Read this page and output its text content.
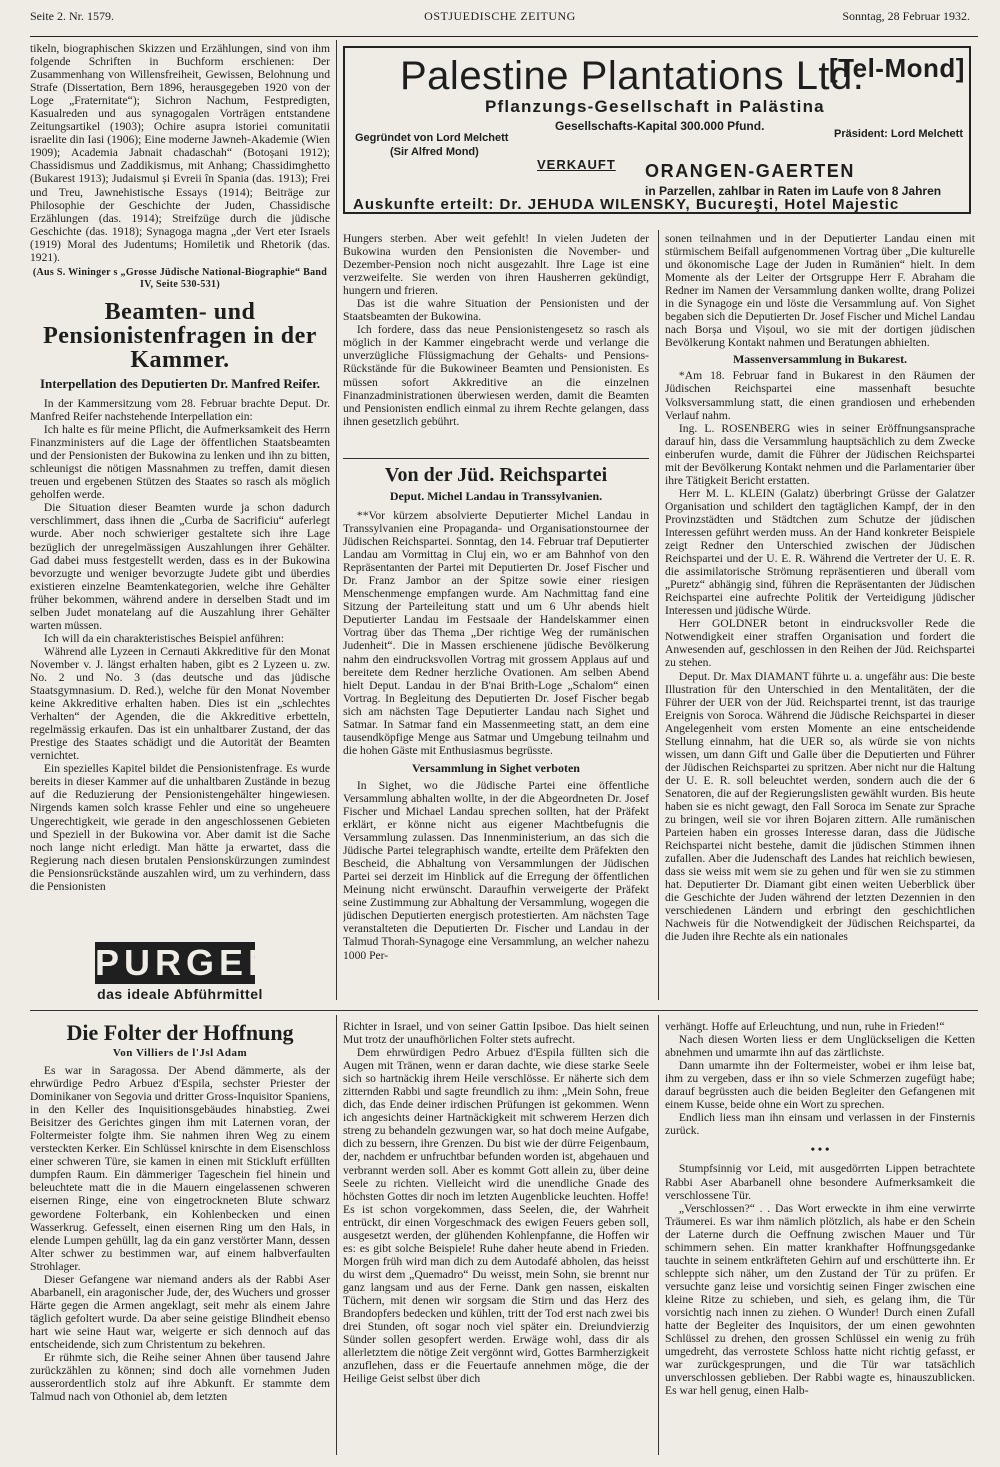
Seite 2. Nr. 1579.	OSTJUEDISCHE ZEITUNG	Sonntag, 28 Februar 1932.
Palestine Plantations Ltd.
[Tel-Mond]
Pflanzungs-Gesellschaft in Palästina
Gesellschafts-Kapital 300.000 Pfund.
Präsident: Lord Melchett
Gegründet von Lord Melchett
(Sir Alfred Mond)
VERKAUFT ORANGEN-GAERTEN
in Parzellen, zahlbar in Raten im Laufe von 8 Jahren
Auskunfte erteilt: Dr. JEHUDA WILENSKY, Bucureşti, Hotel Majestic

tikeln, biographischen Skizzen und Erzählungen, sind von ihm folgende Schriften in Buchform erschienen: Der Zusammenhang von Willensfreiheit, Gewissen, Belohnung und Strafe (Dissertation, Bern 1896, herausgegeben 1920 von der Loge „Fraternitate“); Sichron Nachum, Festpredigten, Kasualreden und aus synagogalen Vorträgen entstandene Zeitungsartikel (1903); Ochire asupra istoriei comunitatii israelite din Iasi (1906); Eine moderne Jawneh-Akademie (Wien 1909); Academia Jabnait chadaschah“ (Botoșani 1912); Chassidismus und Zaddikismus, mit Anhang; Chassidimghetto (Bukarest 1913); Judaismul și Evreii în Spania (das. 1913); Frei und Treu, Jawnehistische Essays (1914); Beiträge zur Philosophie der Geschichte der Juden, Chassidische Erzählungen (das. 1914); Streifzüge durch die jüdische Geschichte (das. 1918); Synagoga magna „der Vert eter Israels (1919) Moral des Judentums; Homiletik und Rhetorik (das. 1921).

(Aus S. Wininger s „Grosse Jüdische National-Biographie“ Band IV, Seite 530-531)

Beamten- und Pensionistenfragen in der Kammer.
Interpellation des Deputierten Dr. Manfred Reifer.

In der Kammersitzung vom 28. Februar brachte Deput. Dr. Manfred Reifer nachstehende Interpellation ein:

Ich halte es für meine Pflicht, die Aufmerksamkeit des Herrn Finanzministers auf die Lage der öffentlichen Staatsbeamten und der Pensionisten der Bukowina zu lenken und ihn zu bitten, schleunigst die nötigen Massnahmen zu treffen, damit diesen treuen und ergebenen Stützen des Staates so rasch als möglich geholfen werde.

Die Situation dieser Beamten wurde ja schon dadurch verschlimmert, dass ihnen die „Curba de Sacrificiu“ auferlegt wurde. Aber noch schwieriger gestaltete sich ihre Lage bezüglich der unregelmässigen Auszahlungen ihrer Gehälter. Gad dabei muss festgestellt werden, dass es in der Bukowina bevorzugte und weniger bevorzugte Judete gibt und überdies existieren einzelne Beamtenkategorien, welche ihre Gehälter früher bekommen, während andere in derselben Stadt und im selben Judet monatelang auf die Auszahlung ihrer Gehälter warten müssen.

Ich will da ein charakteristisches Beispiel anführen:

Während alle Lyzeen in Cernauti Akkreditive für den Monat November v. J. längst erhalten haben, gibt es 2 Lyzeen u. zw. No. 2 und No. 3 (das deutsche und das jüdische Staatsgymnasium. D. Red.), welche für den Monat November keine Akkreditive erhalten haben. Dies ist ein „schlechtes Verhalten“ der Agenden, die die Akkreditive erbetteln, regelmässig erkaufen. Das ist ein unhaltbarer Zustand, der das Prestige des Staates schädigt und die Autorität der Beamten vernichtet.

Ein spezielles Kapitel bildet die Pensionistenfrage. Es wurde bereits in dieser Kammer auf die unhaltbaren Zustände in bezug auf die Reduzierung der Pensionistengehälter hingewiesen. Nirgends kamen solch krasse Fehler und eine so ungeheuere Ungerechtigkeit, wie gerade in den angeschlossenen Gebieten und Speziell in der Bukowina vor. Aber damit ist die Sache noch lange nicht erledigt. Man hätte ja erwartet, dass die Regierung nach diesen brutalen Pensionskürzungen zumindest die Pensionsrückstände auszahlen wird, um zu verhindern, dass die Pensionisten

PURGEN
das ideale Abführmittel

Hungers sterben. Aber weit gefehlt! In vielen Judeten der Bukowina wurden den Pensionisten die November- und Dezember-Pension noch nicht ausgezahlt. Ihre Lage ist eine verzweifelte. Sie werden von ihren Hausherren gekündigt, hungern und frieren.

Das ist die wahre Situation der Pensionisten und der Staatsbeamten der Bukowina.

Ich fordere, dass das neue Pensionistengesetz so rasch als möglich in der Kammer eingebracht werde und verlange die unverzügliche Flüssigmachung der Gehalts- und Pensions-Rückstände für die Bukowineer Beamten und Pensionisten. Es müssen sofort Akkreditive an die einzelnen Finanzadministrationen überwiesen werden, damit die Beamten und Pensionisten endlich einmal zu ihrem Rechte gelangen, dass ihnen gesetzlich gebührt.

Von der Jüd. Reichspartei
Deput. Michel Landau in Transsylvanien.

**Vor kürzem absolvierte Deputierter Michel Landau in Transsylvanien eine Propaganda- und Organisationstournee der Jüdischen Reichspartei. Sonntag, den 14. Februar traf Deputierter Landau am Vormittag in Cluj ein, wo er am Bahnhof von den Repräsentanten der Partei mit Deputierten Dr. Josef Fischer und Dr. Franz Jambor an der Spitze sowie einer riesigen Menschenmenge empfangen wurde. Am Nachmittag fand eine Sitzung der Parteileitung statt und um 6 Uhr abends hielt Deputierter Landau im Festsaale der Handelskammer einen Vortrag über das Thema „Der richtige Weg der rumänischen Judenheit“. Die in Massen erschienene jüdische Bevölkerung nahm den eindrucksvollen Vortrag mit grossem Applaus auf und bereitete dem Redner herzliche Ovationen. Am selben Abend hielt Deput. Landau in der B'nai Brith-Loge „Schalom“ einen Vortrag. In Begleitung des Deputierten Dr. Josef Fischer begab sich am nächsten Tage Deputierter Landau nach Sighet und Satmar. In Satmar fand ein Massenmeeting statt, an dem eine tausendköpfige Menge aus Satmar und Umgebung teilnahm und die hohen Gäste mit Enthusiasmus begrüsste.

Versammlung in Sighet verboten

In Sighet, wo die Jüdische Partei eine öffentliche Versammlung abhalten wollte, in der die Abgeordneten Dr. Josef Fischer und Michael Landau sprechen sollten, hat der Präfekt erklärt, er könne nicht aus eigener Machtbefugnis die Versammlung zulassen. Das Innenministerium, an das sich die Jüdische Partei telegraphisch wandte, erteilte dem Präfekten den Bescheid, die Abhaltung von Versammlungen der Jüdischen Partei sei derzeit im Hinblick auf die Erregung der öffentlichen Meinung nicht erwünscht. Daraufhin verweigerte der Präfekt seine Zustimmung zur Abhaltung der Versammlung, wogegen die jüdischen Deputierten energisch protestierten. Am nächsten Tage veranstalteten die Deputierten Dr. Fischer und Landau in der Talmud Thorah-Synagoge eine Versammlung, an welcher nahezu 1000 Per-

sonen teilnahmen und in der Deputierter Landau einen mit stürmischem Beifall aufgenommenen Vortrag über „Die kulturelle und ökonomische Lage der Juden in Rumänien“ hielt. In dem Momente als der Leiter der Ortsgruppe Herr F. Abraham die Redner im Namen der Versammlung danken wollte, drang Polizei in die Synagoge ein und löste die Versammlung auf. Von Sighet begaben sich die Deputierten Dr. Josef Fischer und Michel Landau nach Borșa und Vișoul, wo sie mit der dortigen jüdischen Bevölkerung Kontakt nahmen und Beratungen abhielten.

Massenversammlung in Bukarest.

*Am 18. Februar fand in Bukarest in den Räumen der Jüdischen Reichspartei eine massenhaft besuchte Volksversammlung statt, die einen grandiosen und erhebenden Verlauf nahm.

Ing. L. ROSENBERG wies in seiner Eröffnungsansprache darauf hin, dass die Versammlung hauptsächlich zu dem Zwecke einberufen wurde, damit die Führer der Jüdischen Reichspartei mit der Bevölkerung Kontakt nehmen und die Parlamentarier über ihre Tätigkeit Bericht erstatten.

Herr M. L. KLEIN (Galatz) überbringt Grüsse der Galatzer Organisation und schildert den tagtäglichen Kampf, der in den Provinzstädten und Städtchen zum Schutze der jüdischen Interessen geführt werden muss. An der Hand konkreter Beispiele zeigt Redner den Unterschied zwischen der Jüdischen Reichspartei und der U. E. R. Während die Vertreter der U. E. R. die assimilatorische Strömung repräsentieren und überall vom „Puretz“ abhängig sind, führen die Repräsentanten der Jüdischen Reichspartei eine aufrechte Politik der Verteidigung jüdischer Interessen und jüdische Würde.

Herr GOLDNER betont in eindrucksvoller Rede die Notwendigkeit einer straffen Organisation und fordert die Anwesenden auf, geschlossen in den Reihen der Jüd. Reichspartei zu stehen.

Deput. Dr. Max DIAMANT führte u. a. ungefähr aus: Die beste Illustration für den Unterschied in den Mentalitäten, der die Führer der UER von der Jüd. Reichspartei trennt, ist das traurige Ereignis von Soroca. Während die Jüdische Reichspartei in dieser Angelegenheit vom ersten Momente an eine entscheidende Stellung einnahm, hat die UER so, als würde sie von nichts wissen, um dann Gift und Galle über die Deputierten und Führer der Jüdischen Reichspartei zu spritzen. Aber nicht nur die Haltung der U. E. R. soll beleuchtet werden, sondern auch die der 6 Senatoren, die auf der Regierungslisten gewählt wurden. Bis heute haben sie es nicht gewagt, den Fall Soroca im Senate zur Sprache zu bringen, weil sie vor ihren Bojaren zittern. Alle rumänischen Parteien haben ein grosses Interesse daran, dass die Jüdische Reichspartei nicht bestehe, damit die jüdischen Stimmen ihnen zufallen. Aber die Judenschaft des Landes hat reichlich bewiesen, dass sie weiss mit wem sie zu gehen und für wen sie zu stimmen hat. Deputierter Dr. Diamant gibt einen weiten Ueberblick über die Geschichte der Juden während der letzten Dezennien in den verschiedenen Ländern und erbringt den geschichtlichen Nachweis für die Notwendigkeit der Jüdischen Reichspartei, da die Juden ihre Rechte als ein nationales

Die Folter der Hoffnung
Von Villiers de l'Jsl Adam

Es war in Saragossa. Der Abend dämmerte, als der ehrwürdige Pedro Arbuez d'Espila, sechster Priester der Dominikaner von Segovia und dritter Gross-Inquisitor Spaniens, in den Keller des Inquisitionsgebäudes hinabstieg. Zwei Beisitzer des Gerichtes gingen ihm mit Laternen voran, der Foltermeister folgte ihm. Sie nahmen ihren Weg zu einem versteckten Kerker. Ein Schlüssel knirschte in dem Eisenschloss einer schweren Türe, sie kamen in einen mit Stickluft erfüllten dumpfen Raum. Ein dämmeriger Tageschein fiel hinein und beleuchtete matt die in die Mauern eingelassenen schweren eisernen Ringe, eine von eingetrockneten Blute schwarz gewordene Folterbank, ein Kohlenbecken und einen Wasserkrug. Gefesselt, einen eisernen Ring um den Hals, in elende Lumpen gehüllt, lag da ein ganz verstörter Mann, dessen Alter schwer zu bestimmen war, auf einem halbverfaulten Strohlager.

Dieser Gefangene war niemand anders als der Rabbi Aser Abarbanell, ein aragonischer Jude, der, des Wuchers und grosser Härte gegen die Armen angeklagt, seit mehr als einem Jahre täglich gefoltert wurde. Da aber seine geistige Blindheit ebenso hart wie seine Haut war, weigerte er sich dennoch auf das entscheidende, sich zum Christentum zu bekehren.

Er rühmte sich, die Reihe seiner Ahnen über tausend Jahre zurückzählen zu können; sind doch alle vornehmen Juden ausserordentlich stolz auf ihre Abkunft. Er stammte dem Talmud nach von Othoniel ab, dem letzten

Richter in Israel, und von seiner Gattin Ipsiboe. Das hielt seinen Mut trotz der unaufhörlichen Folter stets aufrecht.

Dem ehrwürdigen Pedro Arbuez d'Espila füllten sich die Augen mit Tränen, wenn er daran dachte, wie diese starke Seele sich so hartnäckig ihrem Heile verschlösse. Er näherte sich dem zitternden Rabbi und sagte freundlich zu ihm: „Mein Sohn, freue dich, das Ende deiner irdischen Prüfungen ist gekommen. Wenn ich angesichts deiner Hartnäckigkeit mit schwerem Herzen dich streng zu behandeln gezwungen war, so hat doch meine Aufgabe, dich zu bessern, ihre Grenzen. Du bist wie der dürre Feigenbaum, der, nachdem er unfruchtbar befunden worden ist, abgehauen und verbrannt werden soll. Aber es kommt Gott allein zu, über deine Seele zu richten. Vielleicht wird die unendliche Gnade des höchsten Gottes dir noch im letzten Augenblicke leuchten. Hoffe! Es ist schon vorgekommen, dass Seelen, die, der Wahrheit entrückt, dir einen Vorgeschmack des ewigen Feuers geben soll, ausgesetzt werden, der glühenden Kohlenpfanne, die Hoffen wir es: es gibt solche Beispiele! Ruhe daher heute abend in Frieden. Morgen früh wird man dich zu dem Autodafé abholen, das heisst du wirst dem „Quemadro“ Du weisst, mein Sohn, sie brennt nur ganz langsam und aus der Ferne. Dank gen nassen, eiskalten Tüchern, mit denen wir sorgsam die Stirn und das Herz des Brandopfers bedecken und kühlen, tritt der Tod erst nach zwei bis drei Stunden, oft sogar noch viel später ein. Dreiundvierzig Sünder sollen gesopfert werden. Erwäge wohl, dass dir als allerletztem die nötige Zeit vergönnt wird, Gottes Barmherzigkeit anzuflehen, dass er die Feuertaufe annehmen möge, die der Heilige Geist selbst über dich

verhängt. Hoffe auf Erleuchtung, und nun, ruhe in Frieden!“

Nach diesen Worten liess er dem Unglückseligen die Ketten abnehmen und umarmte ihn auf das zärtlichste.

Dann umarmte ihn der Foltermeister, wobei er ihm leise bat, ihm zu vergeben, dass er ihn so viele Schmerzen zugefügt habe; darauf begrüssten auch die beiden Begleiter den Gefangenen mit einem Kusse, beide ohne ein Wort zu sprechen.

Endlich liess man ihn einsam und verlassen in der Finsternis zurück.

• • •

Stumpfsinnig vor Leid, mit ausgedörrten Lippen betrachtete Rabbi Aser Abarbanell ohne besondere Aufmerksamkeit die verschlossene Tür.

„Verschlossen?“ . . Das Wort erweckte in ihm eine verwirrte Träumerei. Es war ihm nämlich plötzlich, als habe er den Schein der Laterne durch die Oeffnung zwischen Mauer und Tür schimmern sehen. Ein matter krankhafter Hoffnungsgedanke tauchte in seinem entkräfteten Gehirn auf und erschütterte ihn. Er schleppte sich näher, um den Zustand der Tür zu prüfen. Er versuchte ganz leise und vorsichtig seinen Finger zwischen eine kleine Ritze zu schieben, und sieh, es gelang ihm, die Tür vorsichtig nach innen zu ziehen. O Wunder! Durch einen Zufall hatte der Begleiter des Inquisitors, der um einen gewohnten Schlüssel zu drehen, den grossen Schlüssel ein wenig zu früh umgedreht, das verrostete Schloss hatte nicht richtig gefasst, er war zurückgesprungen, und die Tür war tatsächlich unverschlossen geblieben. Der Rabbi wagte es, hinauszublicken. Es war hell genug, einen Halb-
